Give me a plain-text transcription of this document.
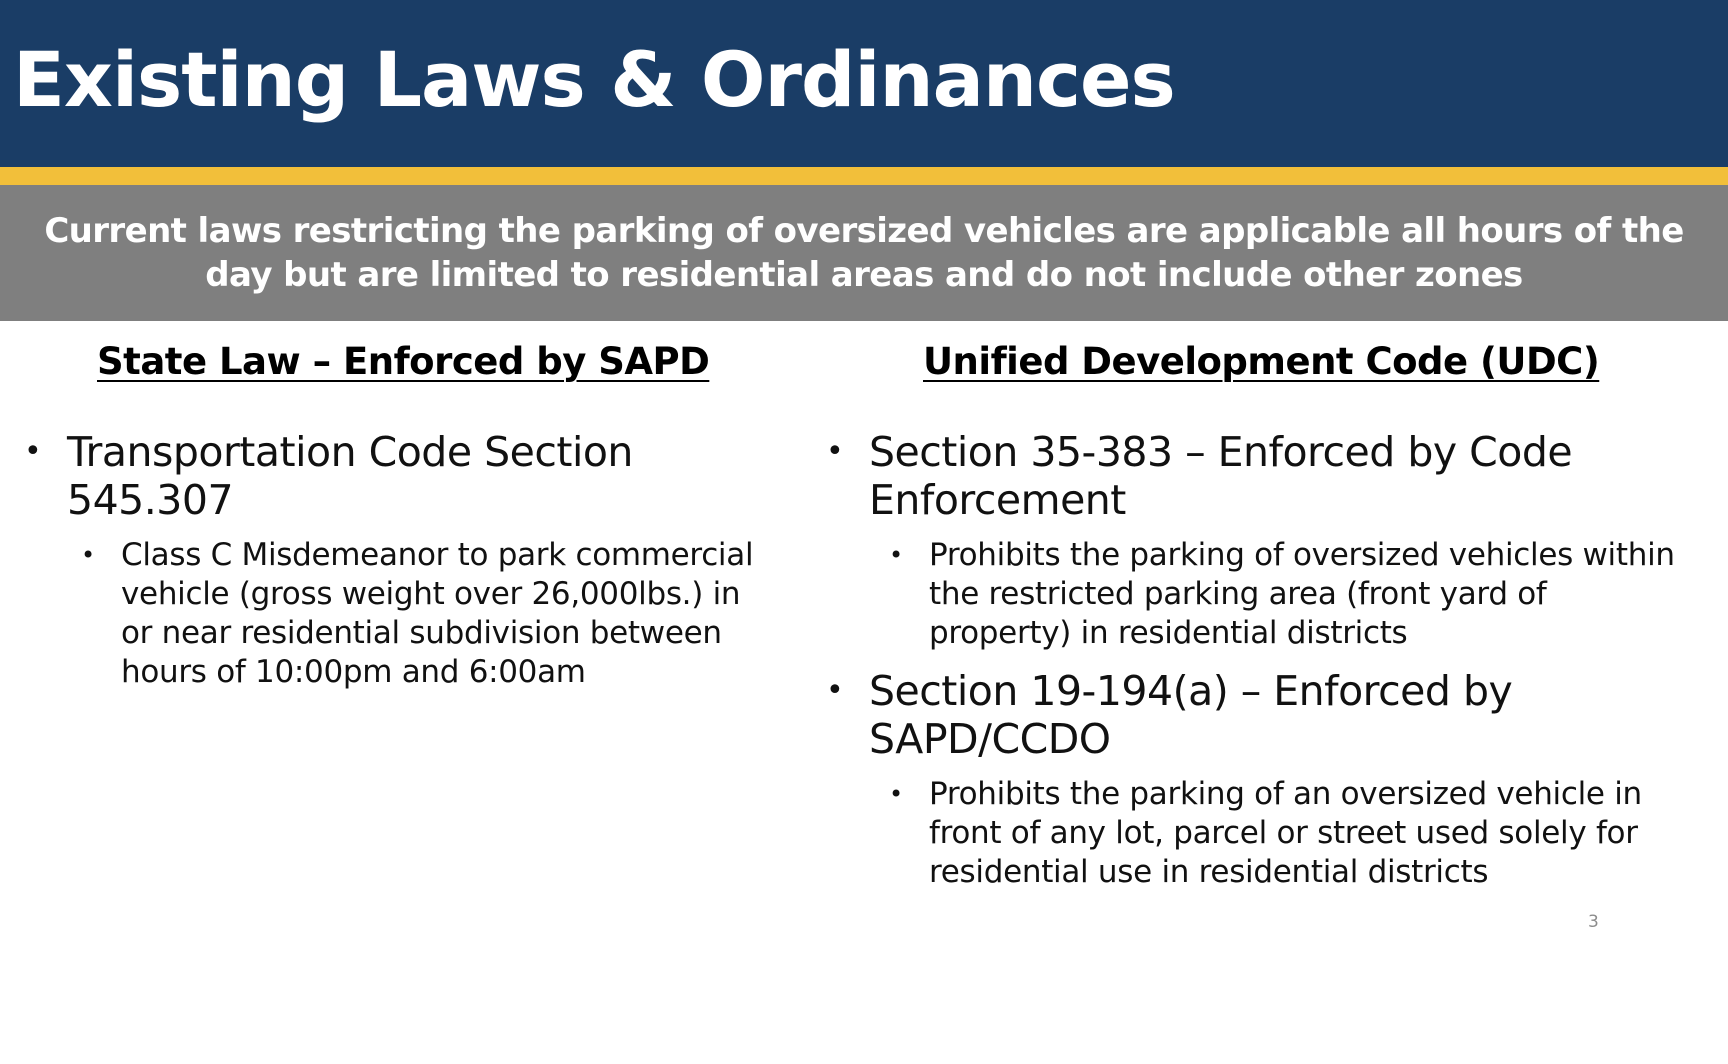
Existing Laws & Ordinances

Current laws restricting the parking of oversized vehicles are applicable all hours of the day but are limited to residential areas and do not include other zones

State Law – Enforced by SAPD	Unified Development Code (UDC)
• Transportation Code Section 545.307
• Class C Misdemeanor to park commercial vehicle (gross weight over 26,000lbs.) in or near residential subdivision between hours of 10:00pm and 6:00am
• Section 35-383 – Enforced by Code Enforcement
• Prohibits the parking of oversized vehicles within the restricted parking area (front yard of property) in residential districts
• Section 19-194(a) – Enforced by SAPD/CCDO
• Prohibits the parking of an oversized vehicle in front of any lot, parcel or street used solely for residential use in residential districts
3
